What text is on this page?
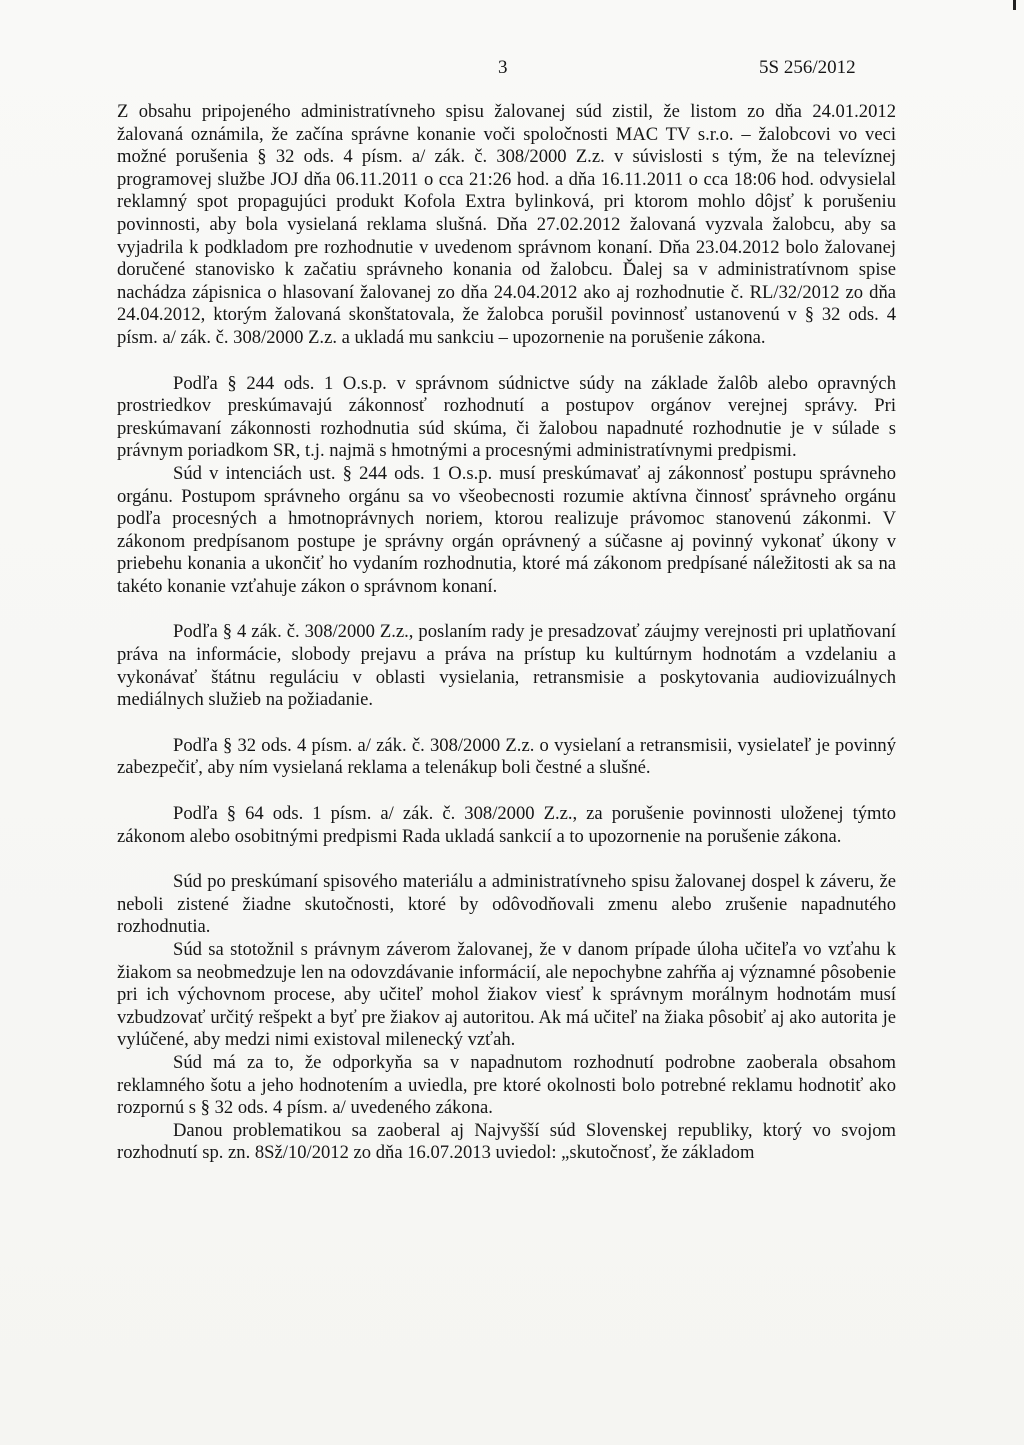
3	5S 256/2012

Z obsahu pripojeného administratívneho spisu žalovanej súd zistil, že listom zo dňa 24.01.2012 žalovaná oznámila, že začína správne konanie voči spoločnosti MAC TV s.r.o. – žalobcovi vo veci možné porušenia § 32 ods. 4 písm. a/ zák. č. 308/2000 Z.z. v súvislosti s tým, že na televíznej programovej službe JOJ dňa 06.11.2011 o cca 21:26 hod. a dňa 16.11.2011 o cca 18:06 hod. odvysielal reklamný spot propagujúci produkt Kofola Extra bylinková, pri ktorom mohlo dôjsť k porušeniu povinnosti, aby bola vysielaná reklama slušná. Dňa 27.02.2012 žalovaná vyzvala žalobcu, aby sa vyjadrila k podkladom pre rozhodnutie v uvedenom správnom konaní. Dňa 23.04.2012 bolo žalovanej doručené stanovisko k začatiu správneho konania od žalobcu. Ďalej sa v administratívnom spise nachádza zápisnica o hlasovaní žalovanej zo dňa 24.04.2012 ako aj rozhodnutie č. RL/32/2012 zo dňa 24.04.2012, ktorým žalovaná skonštatovala, že žalobca porušil povinnosť ustanovenú v § 32 ods. 4 písm. a/ zák. č. 308/2000 Z.z. a ukladá mu sankciu – upozornenie na porušenie zákona.

Podľa § 244 ods. 1 O.s.p. v správnom súdnictve súdy na základe žalôb alebo opravných prostriedkov preskúmavajú zákonnosť rozhodnutí a postupov orgánov verejnej správy. Pri preskúmavaní zákonnosti rozhodnutia súd skúma, či žalobou napadnuté rozhodnutie je v súlade s právnym poriadkom SR, t.j. najmä s hmotnými a procesnými administratívnymi predpismi.

Súd v intenciách ust. § 244 ods. 1 O.s.p. musí preskúmavať aj zákonnosť postupu správneho orgánu. Postupom správneho orgánu sa vo všeobecnosti rozumie aktívna činnosť správneho orgánu podľa procesných a hmotnoprávnych noriem, ktorou realizuje právomoc stanovenú zákonmi. V zákonom predpísanom postupe je správny orgán oprávnený a súčasne aj povinný vykonať úkony v priebehu konania a ukončiť ho vydaním rozhodnutia, ktoré má zákonom predpísané náležitosti ak sa na takéto konanie vzťahuje zákon o správnom konaní.

Podľa § 4 zák. č. 308/2000 Z.z., poslaním rady je presadzovať záujmy verejnosti pri uplatňovaní práva na informácie, slobody prejavu a práva na prístup ku kultúrnym hodnotám a vzdelaniu a vykonávať štátnu reguláciu v oblasti vysielania, retransmisie a poskytovania audiovizuálnych mediálnych služieb na požiadanie.

Podľa § 32 ods. 4 písm. a/ zák. č. 308/2000 Z.z. o vysielaní a retransmisii, vysielateľ je povinný zabezpečiť, aby ním vysielaná reklama a telenákup boli čestné a slušné.

Podľa § 64 ods. 1 písm. a/ zák. č. 308/2000 Z.z., za porušenie povinnosti uloženej týmto zákonom alebo osobitnými predpismi Rada ukladá sankcií a to upozornenie na porušenie zákona.

Súd po preskúmaní spisového materiálu a administratívneho spisu žalovanej dospel k záveru, že neboli zistené žiadne skutočnosti, ktoré by odôvodňovali zmenu alebo zrušenie napadnutého rozhodnutia.

Súd sa stotožnil s právnym záverom žalovanej, že v danom prípade úloha učiteľa vo vzťahu k žiakom sa neobmedzuje len na odovzdávanie informácií, ale nepochybne zahŕňa aj významné pôsobenie pri ich výchovnom procese, aby učiteľ mohol žiakov viesť k správnym morálnym hodnotám musí vzbudzovať určitý rešpekt a byť pre žiakov aj autoritou. Ak má učiteľ na žiaka pôsobiť aj ako autorita je vylúčené, aby medzi nimi existoval milenecký vzťah.

Súd má za to, že odporkyňa sa v napadnutom rozhodnutí podrobne zaoberala obsahom reklamného šotu a jeho hodnotením a uviedla, pre ktoré okolnosti bolo potrebné reklamu hodnotiť ako rozpornú s § 32 ods. 4 písm. a/ uvedeného zákona.

Danou problematikou sa zaoberal aj Najvyšší súd Slovenskej republiky, ktorý vo svojom rozhodnutí sp. zn. 8Sž/10/2012 zo dňa 16.07.2013 uviedol: „skutočnosť, že základom
